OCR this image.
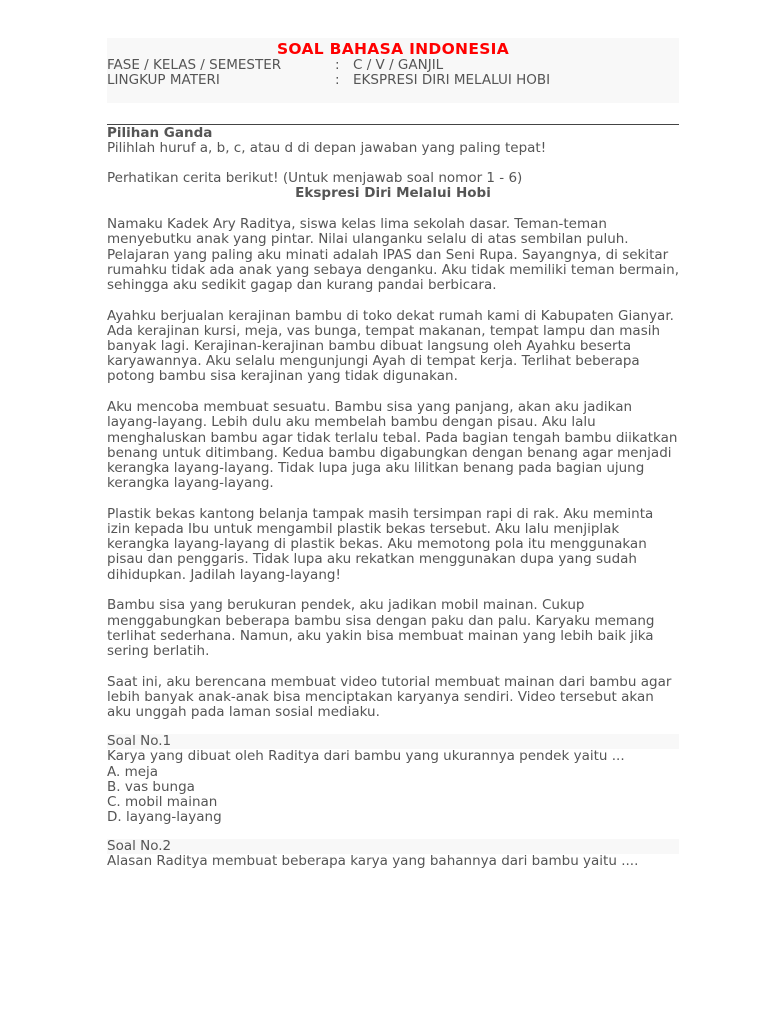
SOAL BAHASA INDONESIA
FASE / KELAS / SEMESTER	: C / V / GANJIL
LINGKUP MATERI	: EKSPRESI DIRI MELALUI HOBI
Pilihan Ganda

Pilihlah huruf a, b, c, atau d di depan jawaban yang paling tepat!

Perhatikan cerita berikut! (Untuk menjawab soal nomor 1 - 6)

Ekspresi Diri Melalui Hobi

Namaku Kadek Ary Raditya, siswa kelas lima sekolah dasar. Teman-teman menyebutku anak yang pintar. Nilai ulanganku selalu di atas sembilan puluh. Pelajaran yang paling aku minati adalah IPAS dan Seni Rupa. Sayangnya, di sekitar rumahku tidak ada anak yang sebaya denganku. Aku tidak memiliki teman bermain, sehingga aku sedikit gagap dan kurang pandai berbicara.

Ayahku berjualan kerajinan bambu di toko dekat rumah kami di Kabupaten Gianyar. Ada kerajinan kursi, meja, vas bunga, tempat makanan, tempat lampu dan masih banyak lagi. Kerajinan-kerajinan bambu dibuat langsung oleh Ayahku beserta karyawannya. Aku selalu mengunjungi Ayah di tempat kerja. Terlihat beberapa potong bambu sisa kerajinan yang tidak digunakan.

Aku mencoba membuat sesuatu. Bambu sisa yang panjang, akan aku jadikan layang-layang. Lebih dulu aku membelah bambu dengan pisau. Aku lalu menghaluskan bambu agar tidak terlalu tebal. Pada bagian tengah bambu diikatkan benang untuk ditimbang. Kedua bambu digabungkan dengan benang agar menjadi kerangka layang-layang. Tidak lupa juga aku lilitkan benang pada bagian ujung kerangka layang-layang.

Plastik bekas kantong belanja tampak masih tersimpan rapi di rak. Aku meminta izin kepada Ibu untuk mengambil plastik bekas tersebut. Aku lalu menjiplak kerangka layang-layang di plastik bekas. Aku memotong pola itu menggunakan pisau dan penggaris. Tidak lupa aku rekatkan menggunakan dupa yang sudah dihidupkan. Jadilah layang-layang!

Bambu sisa yang berukuran pendek, aku jadikan mobil mainan. Cukup menggabungkan beberapa bambu sisa dengan paku dan palu. Karyaku memang terlihat sederhana. Namun, aku yakin bisa membuat mainan yang lebih baik jika sering berlatih.

Saat ini, aku berencana membuat video tutorial membuat mainan dari bambu agar lebih banyak anak-anak bisa menciptakan karyanya sendiri. Video tersebut akan aku unggah pada laman sosial mediaku.

Soal No.1

Karya yang dibuat oleh Raditya dari bambu yang ukurannya pendek yaitu ...

A. meja
B. vas bunga
C. mobil mainan
D. layang-layang
Soal No.2

Alasan Raditya membuat beberapa karya yang bahannya dari bambu yaitu ....
